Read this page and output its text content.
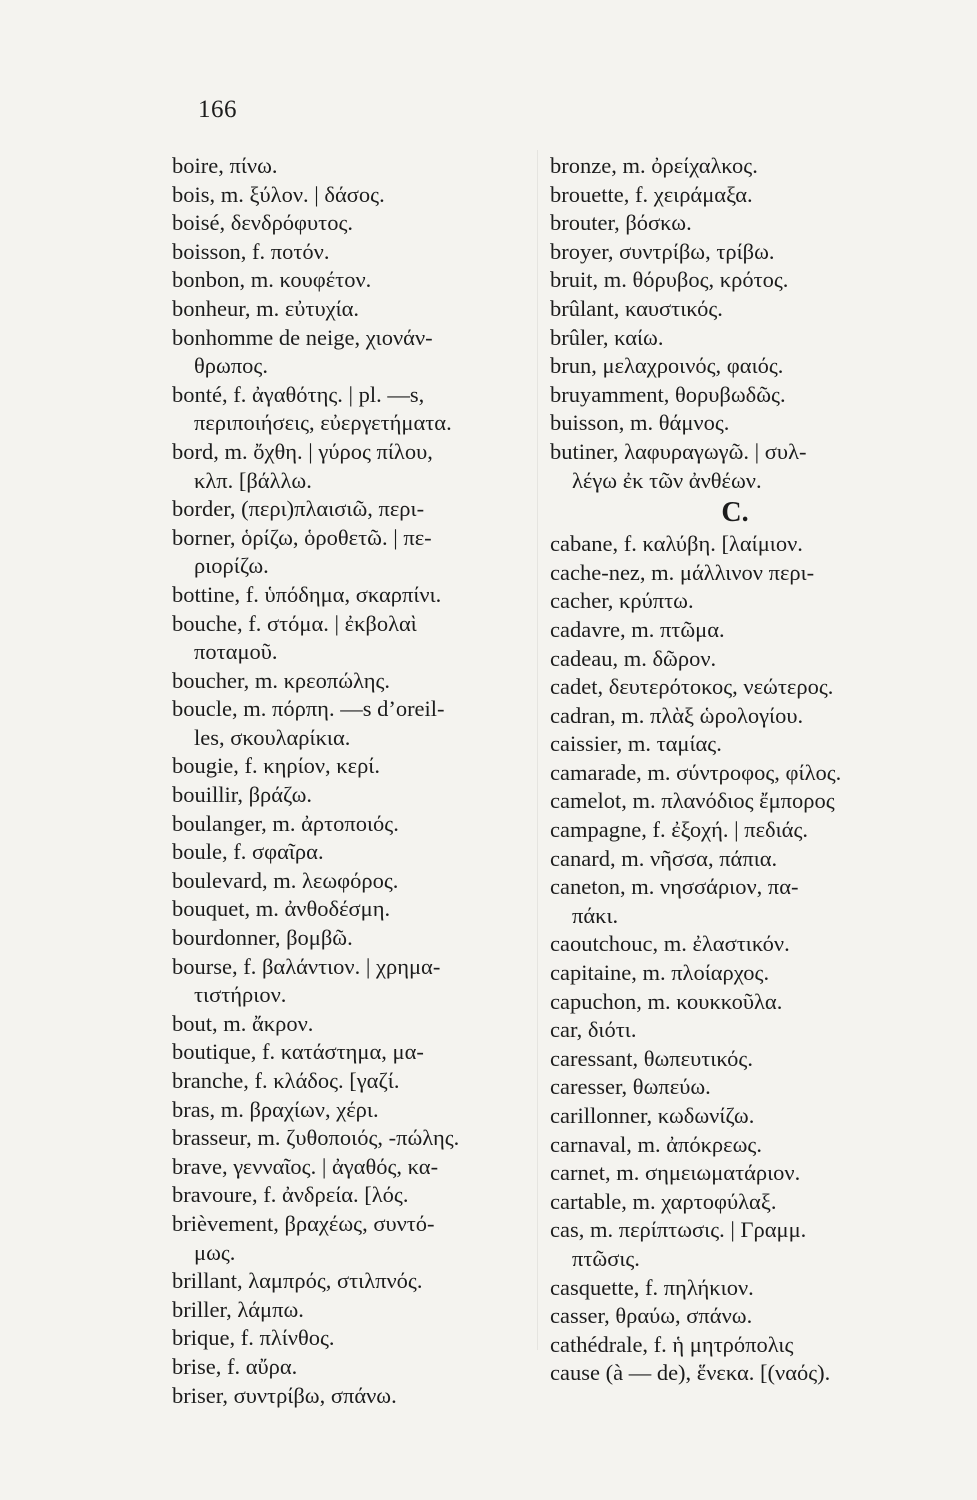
166
boire, πίνω.
bois, m. ξύλον. | δάσος.
boisé, δενδρόφυτος.
boisson, f. ποτόν.
bonbon, m. κουφέτον.
bonheur, m. εὐτυχία.
bonhomme de neige, χιονάν-
θρωπος.
bonté, f. ἀγαθότης. | pl. —s,
περιποιήσεις, εὐεργετήματα.
bord, m. ὄχθη. | γύρος πίλου,
κλπ. [βάλλω.
border, (περι)πλαισιῶ, περι-
borner, ὁρίζω, ὁροθετῶ. | πε-
ριορίζω.
bottine, f. ὑπόδημα, σκαρπίνι.
bouche, f. στόμα. | ἐκβολαὶ
ποταμοῦ.
boucher, m. κρεοπώλης.
boucle, m. πόρπη. —s d’oreil-
les, σκουλαρίκια.
bougie, f. κηρίον, κερί.
bouillir, βράζω.
boulanger, m. ἀρτοποιός.
boule, f. σφαῖρα.
boulevard, m. λεωφόρος.
bouquet, m. ἀνθοδέσμη.
bourdonner, βομβῶ.
bourse, f. βαλάντιον. | χρημα-
τιστήριον.
bout, m. ἄκρον.
boutique, f. κατάστημα, μα-
branche, f. κλάδος. [γαζί.
bras, m. βραχίων, χέρι.
brasseur, m. ζυθοποιός, -πώλης.
brave, γενναῖος. | ἀγαθός, κα-
bravoure, f. ἀνδρεία. [λός.
brièvement, βραχέως, συντό-
μως.
brillant, λαμπρός, στιλπνός.
briller, λάμπω.
brique, f. πλίνθος.
brise, f. αὔρα.
briser, συντρίβω, σπάνω.
bronze, m. ὀρείχαλκος.
brouette, f. χειράμαξα.
brouter, βόσκω.
broyer, συντρίβω, τρίβω.
bruit, m. θόρυβος, κρότος.
brûlant, καυστικός.
brûler, καίω.
brun, μελαχροινός, φαιός.
bruyamment, θορυβωδῶς.
buisson, m. θάμνος.
butiner, λαφυραγωγῶ. | συλ-
λέγω ἐκ τῶν ἀνθέων.
C.
cabane, f. καλύβη. [λαίμιον.
cache-nez, m. μάλλινον περι-
cacher, κρύπτω.
cadavre, m. πτῶμα.
cadeau, m. δῶρον.
cadet, δευτερότοκος, νεώτερος.
cadran, m. πλὰξ ὡρολογίου.
caissier, m. ταμίας.
camarade, m. σύντροφος, φίλος.
camelot, m. πλανόδιος ἔμπορος
campagne, f. ἐξοχή. | πεδιάς.
canard, m. νῆσσα, πάπια.
caneton, m. νησσάριον, πα-
πάκι.
caoutchouc, m. ἐλαστικόν.
capitaine, m. πλοίαρχος.
capuchon, m. κουκκοῦλα.
car, διότι.
caressant, θωπευτικός.
caresser, θωπεύω.
carillonner, κωδωνίζω.
carnaval, m. ἀπόκρεως.
carnet, m. σημειωματάριον.
cartable, m. χαρτοφύλαξ.
cas, m. περίπτωσις. | Γραμμ.
πτῶσις.
casquette, f. πηλήκιον.
casser, θραύω, σπάνω.
cathédrale, f. ἡ μητρόπολις
cause (à — de), ἕνεκα. [(ναός).
